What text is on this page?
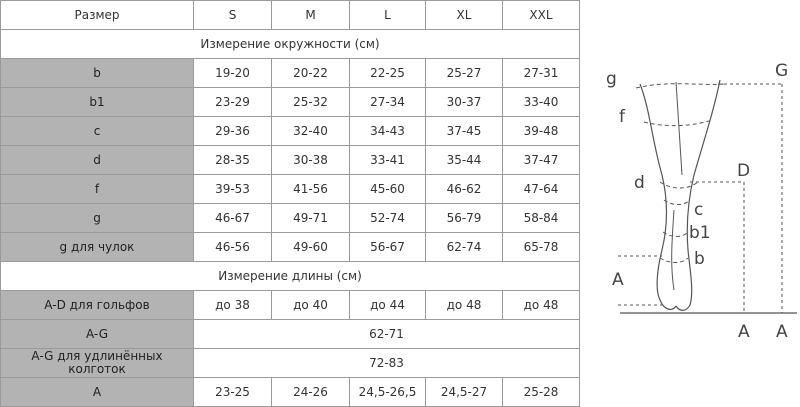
Размер	S	M	L	XL	XXL
Измерение окружности (см)					
b	19-20	20-22	22-25	25-27	27-31
b1	23-29	25-32	27-34	30-37	33-40
c	29-36	32-40	34-43	37-45	39-48
d	28-35	30-38	33-41	35-44	37-47
f	39-53	41-56	45-60	46-62	47-64
g	46-67	49-71	52-74	56-79	58-84
g для чулок	46-56	49-60	56-67	62-74	65-78
Измерение длины (см)					
A-D для гольфов	до 38	до 40	до 44	до 48	до 48
A-G	62-71				
A-G для удлинённых колготок	72-83				
A	23-25	24-26	24,5-26,5	24,5-27	25-28
g
f
d
c
b1
b
A
D
G
A A
